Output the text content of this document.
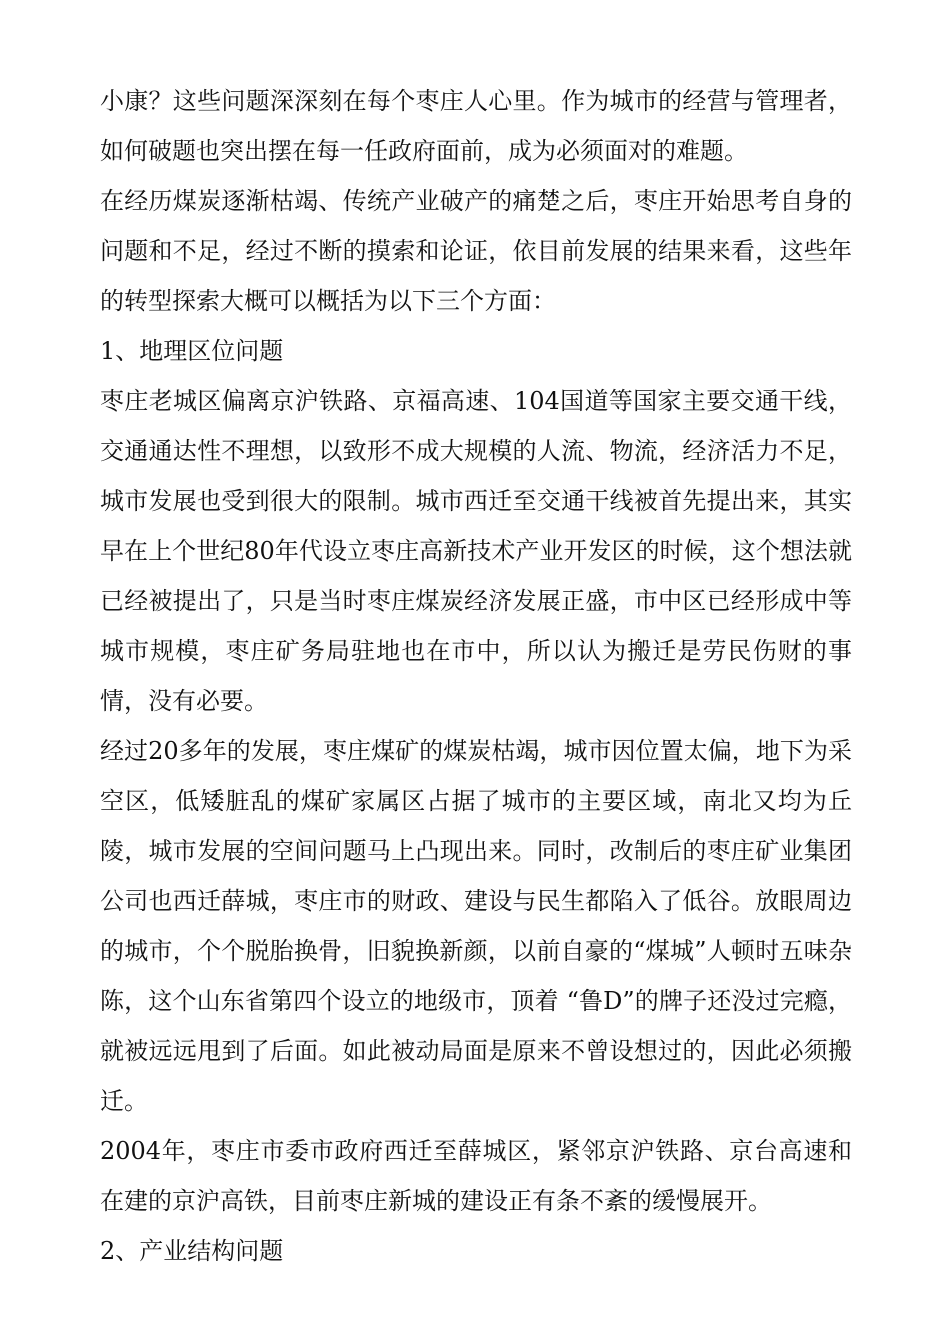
小康？这些问题深深刻在每个枣庄人心里。作为城市的经营与管理者，如何破题也突出摆在每一任政府面前，成为必须面对的难题。

在经历煤炭逐渐枯竭、传统产业破产的痛楚之后，枣庄开始思考自身的问题和不足，经过不断的摸索和论证，依目前发展的结果来看，这些年的转型探索大概可以概括为以下三个方面：

1、地理区位问题

枣庄老城区偏离京沪铁路、京福高速、104国道等国家主要交通干线，交通通达性不理想，以致形不成大规模的人流、物流，经济活力不足，城市发展也受到很大的限制。城市西迁至交通干线被首先提出来，其实早在上个世纪80年代设立枣庄高新技术产业开发区的时候，这个想法就已经被提出了，只是当时枣庄煤炭经济发展正盛，市中区已经形成中等城市规模，枣庄矿务局驻地也在市中，所以认为搬迁是劳民伤财的事情，没有必要。

经过20多年的发展，枣庄煤矿的煤炭枯竭，城市因位置太偏，地下为采空区，低矮脏乱的煤矿家属区占据了城市的主要区域，南北又均为丘陵，城市发展的空间问题马上凸现出来。同时，改制后的枣庄矿业集团公司也西迁薛城，枣庄市的财政、建设与民生都陷入了低谷。放眼周边的城市，个个脱胎换骨，旧貌换新颜，以前自豪的“煤城”人顿时五味杂陈，这个山东省第四个设立的地级市，顶着 “鲁D”的牌子还没过完瘾，就被远远甩到了后面。如此被动局面是原来不曾设想过的，因此必须搬迁。

2004年，枣庄市委市政府西迁至薛城区，紧邻京沪铁路、京台高速和在建的京沪高铁，目前枣庄新城的建设正有条不紊的缓慢展开。

2、产业结构问题
